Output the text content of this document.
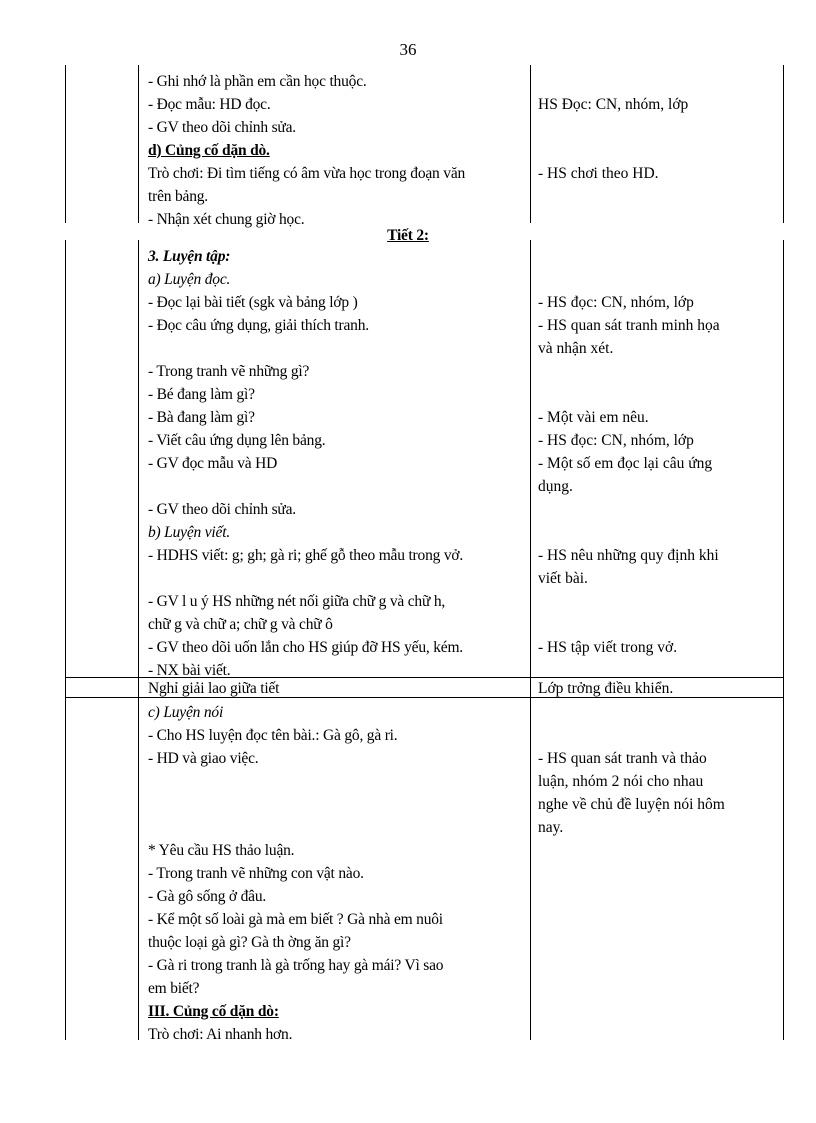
36
- Ghi nhớ là phần em cần học thuộc.
- Đọc mẫu: HD đọc.
- GV theo dõi chỉnh sửa.
d) Củng cố dặn dò.
Trò chơi: Đi tìm tiếng có âm vừa học trong đoạn văn
trên bảng.
- Nhận xét chung giờ học.
HS Đọc: CN, nhóm, lớp
- HS chơi theo HD.
Tiết 2:
3. Luyện tập:
a) Luyện đọc.
- Đọc lại bài tiết (sgk và bảng lớp )
- Đọc câu ứng dụng, giải thích tranh.
- Trong tranh vẽ những gì?
- Bé đang làm gì?
- Bà đang làm gì?
- Viết câu ứng dụng lên bảng.
- GV đọc mẫu và HD
- GV theo dõi chỉnh sửa.
b) Luyện viết.
- HDHS viết: g; gh; gà ri; ghế gỗ theo mẫu trong vở.
- GV l u ý HS những nét nối giữa chữ g và chữ h,
chữ g và chữ a; chữ g và chữ ô
- GV theo dõi uốn lắn cho HS giúp đỡ HS yếu, kém.
- NX bài viết.
- HS đọc: CN, nhóm, lớp
- HS quan sát tranh minh họa
và nhận xét.
- Một vài em nêu.
- HS đọc: CN, nhóm, lớp
- Một số em đọc lại câu ứng
dụng.
- HS nêu những quy định khi
viết bài.
- HS tập viết trong vở.
Nghỉ giải lao giữa tiết	Lớp trởng điều khiển.
c) Luyện nói
- Cho HS luyện đọc tên bài.: Gà gô, gà ri.
- HD và giao việc.
* Yêu cầu HS thảo luận.
- Trong tranh vẽ những con vật nào.
- Gà gô sống ở đâu.
- Kể một số loài gà mà em biết ? Gà nhà em nuôi
thuộc loại gà gì? Gà th ờng ăn gì?
- Gà ri trong tranh là gà trống hay gà mái? Vì sao
em biết?
III. Củng cố dặn dò:
Trò chơi: Ai nhanh hơn.
- HS quan sát tranh và thảo
luận, nhóm 2 nói cho nhau
nghe về chủ đề luyện nói hôm
nay.
